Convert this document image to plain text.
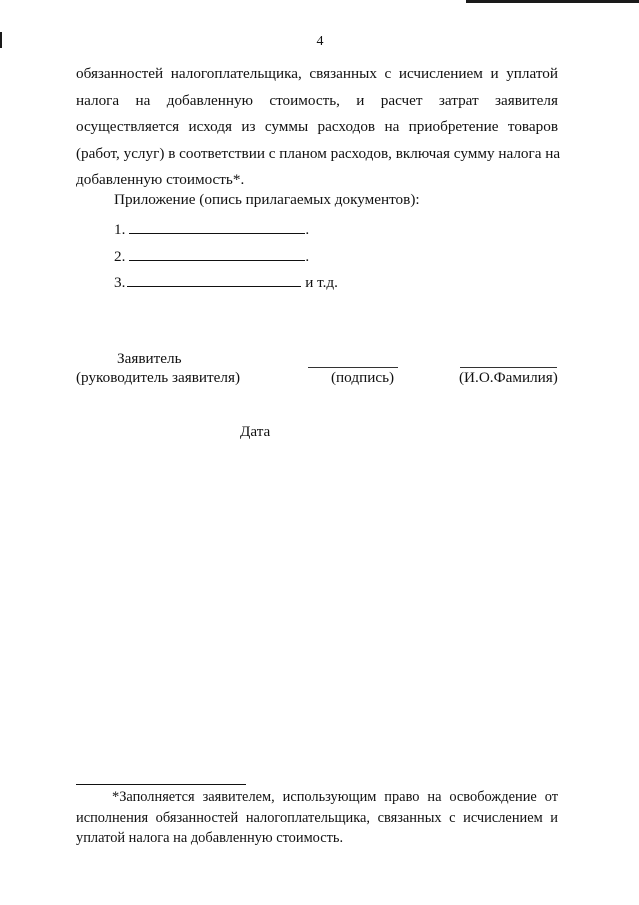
4
обязанностей налогоплательщика, связанных с исчислением и уплатой
налога на добавленную стоимость, и расчет затрат заявителя
осуществляется исходя из суммы расходов на приобретение товаров
(работ, услуг) в соответствии с планом расходов, включая сумму налога на
добавленную стоимость*.
Приложение (опись прилагаемых документов):
1.	.
2.	.
3.	и т.д.
Заявитель
(руководитель заявителя)	(подпись)	(И.О.Фамилия)
Дата
*Заполняется заявителем, использующим право на освобождение от
исполнения обязанностей налогоплательщика, связанных с исчислением и
уплатой налога на добавленную стоимость.
